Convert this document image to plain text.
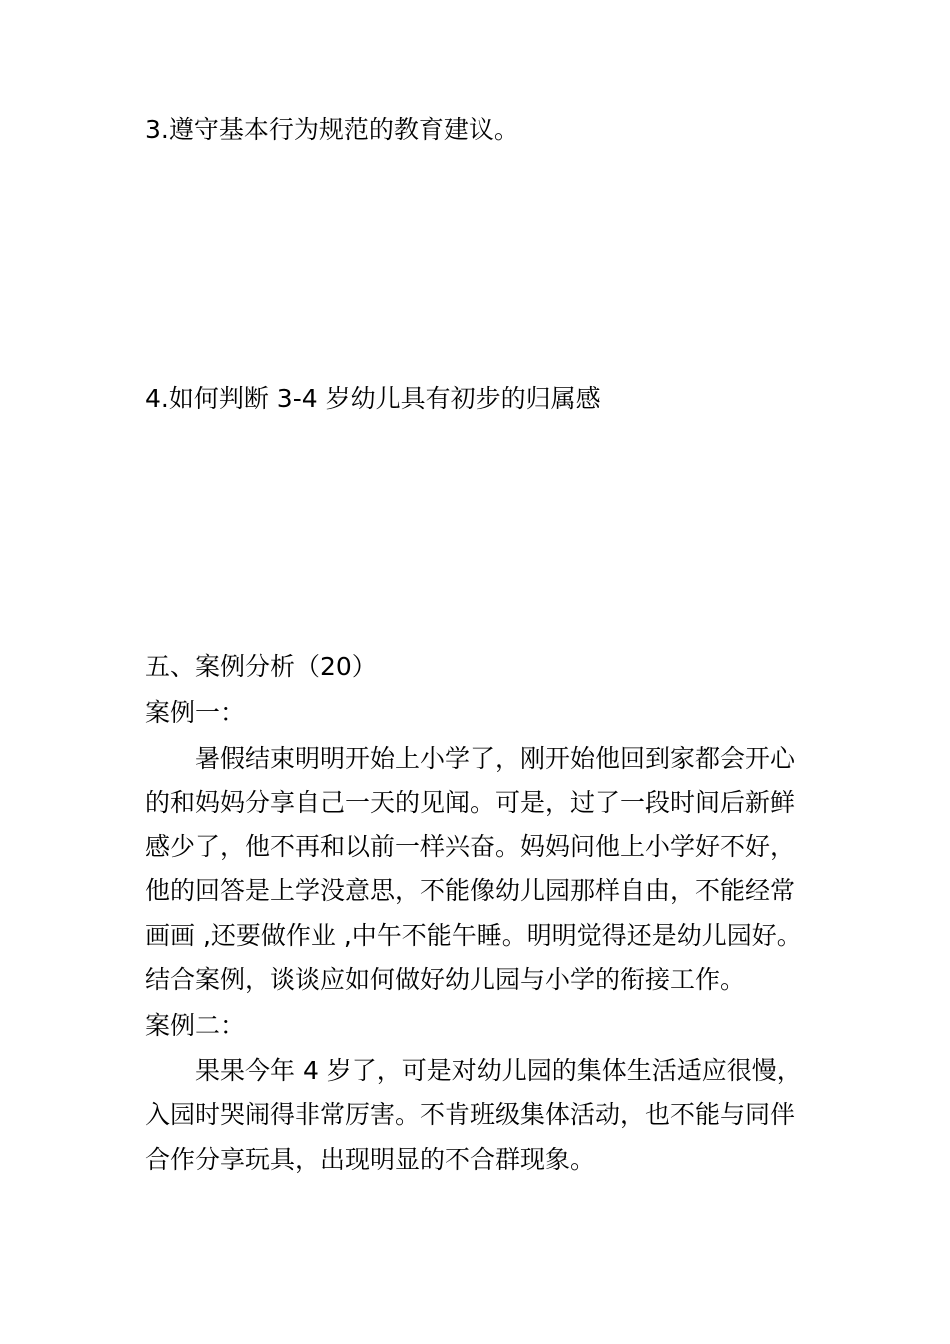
3.遵守基本行为规范的教育建议。
4.如何判断 3-4 岁幼儿具有初步的归属感
五、案例分析（20）
案例一：
暑假结束明明开始上小学了，刚开始他回到家都会开心
的和妈妈分享自己一天的见闻。可是，过了一段时间后新鲜
感少了，他不再和以前一样兴奋。妈妈问他上小学好不好，
他的回答是上学没意思，不能像幼儿园那样自由，不能经常
画画 ,还要做作业 ,中午不能午睡。明明觉得还是幼儿园好。
结合案例，谈谈应如何做好幼儿园与小学的衔接工作。
案例二：
果果今年 4 岁了，可是对幼儿园的集体生活适应很慢，
入园时哭闹得非常厉害。不肯班级集体活动，也不能与同伴
合作分享玩具，出现明显的不合群现象。
